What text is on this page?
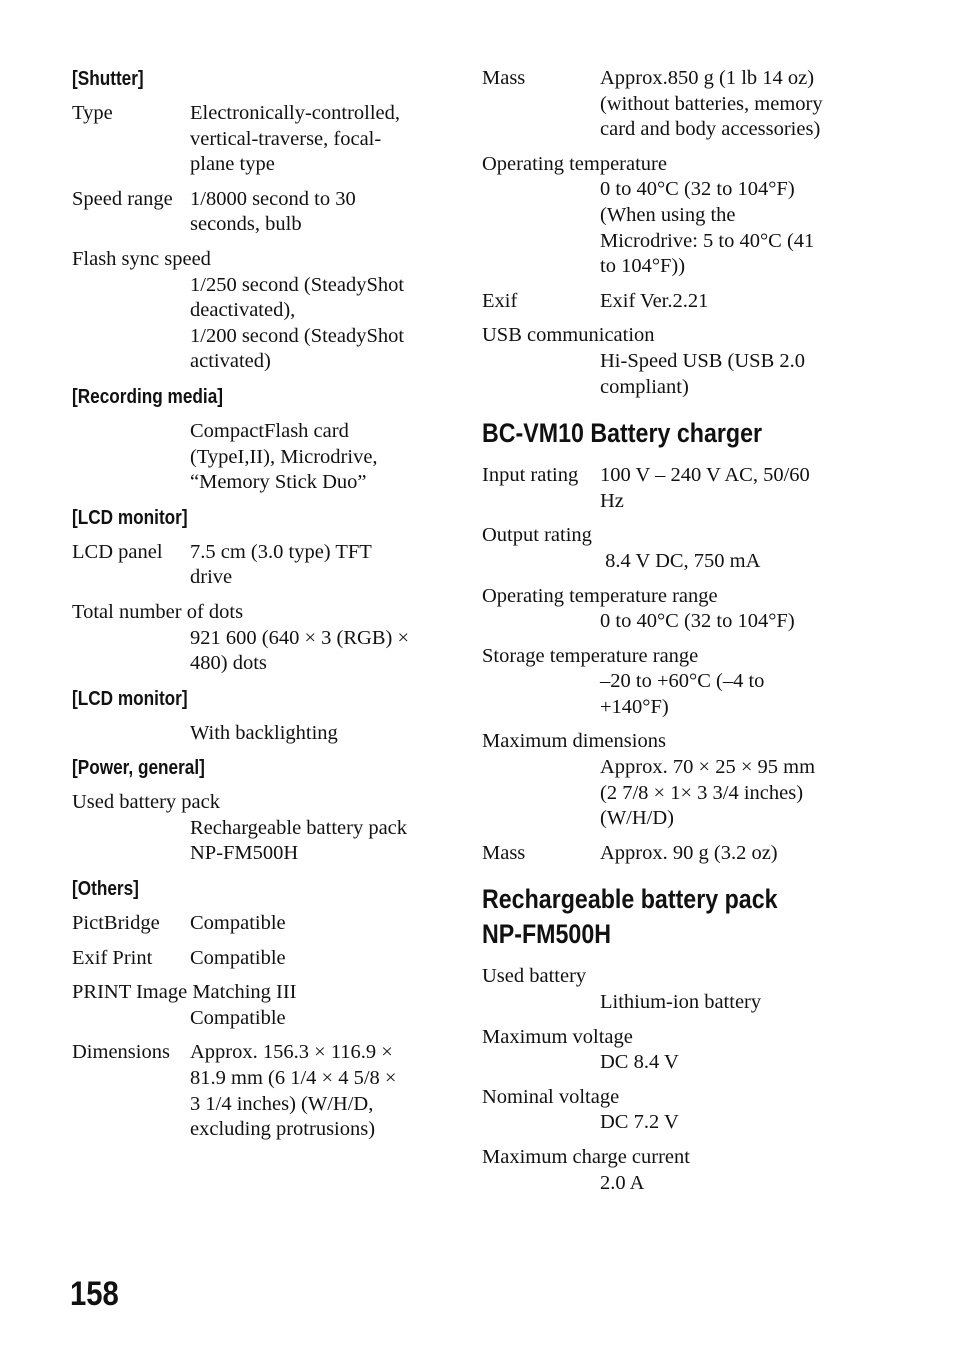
[Shutter]
Type	Electronically-controlled,
vertical-traverse, focal-
plane type
Speed range 1/8000 second to 30
seconds, bulb
Flash sync speed
1/250 second (SteadyShot
deactivated),
1/200 second (SteadyShot
activated)
[Recording media]
CompactFlash card
(TypeI,II), Microdrive,
“Memory Stick Duo”
[LCD monitor]
LCD panel	7.5 cm (3.0 type) TFT
drive
Total number of dots
921 600 (640 × 3 (RGB) ×
480) dots
[LCD monitor]
With backlighting
[Power, general]
Used battery pack
Rechargeable battery pack
NP-FM500H
[Others]
PictBridge	Compatible
Exif Print	Compatible
PRINT Image Matching III
Compatible
Dimensions Approx. 156.3 × 116.9 ×
81.9 mm (6 1/4 × 4 5/8 ×
3 1/4 inches) (W/H/D,
excluding protrusions)
Mass	Approx.850 g (1 lb 14 oz)
(without batteries, memory
card and body accessories)
Operating temperature
0 to 40°C (32 to 104°F)
(When using the
Microdrive: 5 to 40°C (41
to 104°F))
Exif	Exif Ver.2.21
USB communication
Hi-Speed USB (USB 2.0
compliant)
BC-VM10 Battery charger
Input rating	100 V – 240 V AC, 50/60
Hz
Output rating
8.4 V DC, 750 mA
Operating temperature range
0 to 40°C (32 to 104°F)
Storage temperature range
–20 to +60°C (–4 to
+140°F)
Maximum dimensions
Approx. 70 × 25 × 95 mm
(2 7/8 × 1× 3 3/4 inches)
(W/H/D)
Mass	Approx. 90 g (3.2 oz)
Rechargeable battery pack
NP-FM500H
Used battery
Lithium-ion battery
Maximum voltage
DC 8.4 V
Nominal voltage
DC 7.2 V
Maximum charge current
2.0 A
158
